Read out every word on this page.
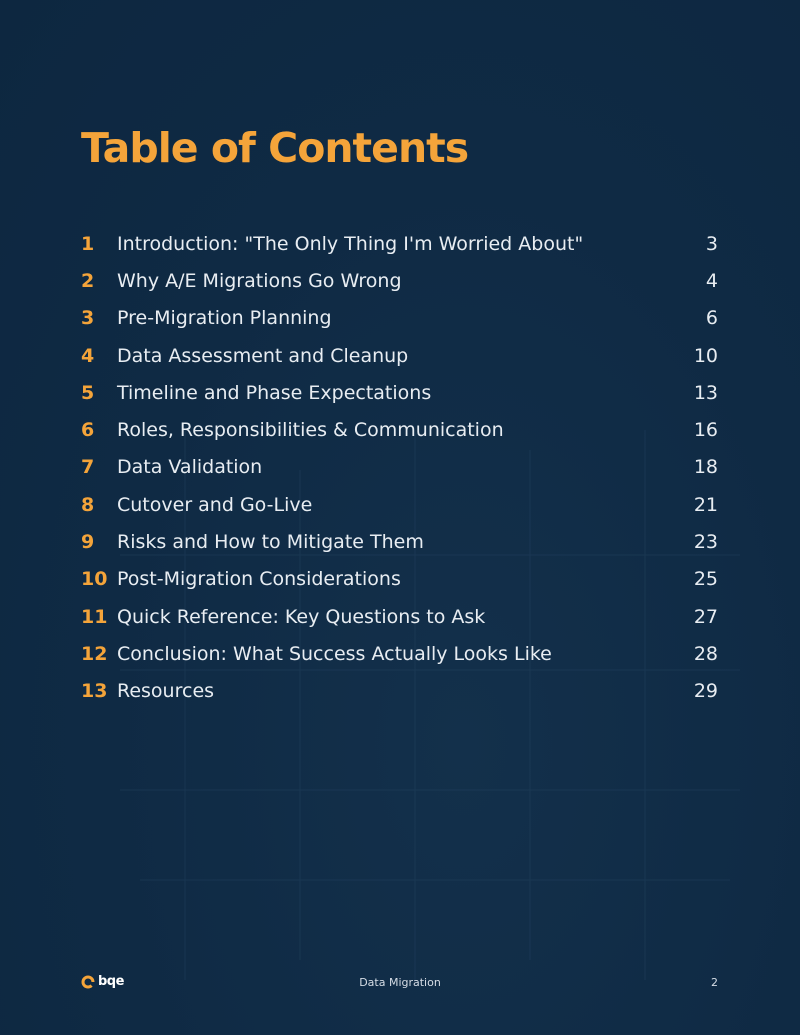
Table of Contents
1	Introduction: "The Only Thing I'm Worried About"	3
2	Why A/E Migrations Go Wrong	4
3	Pre-Migration Planning	6
4	Data Assessment and Cleanup	10
5	Timeline and Phase Expectations	13
6	Roles, Responsibilities & Communication	16
7	Data Validation	18
8	Cutover and Go-Live	21
9	Risks and How to Mitigate Them	23
10 Post-Migration Considerations	25
11 Quick Reference: Key Questions to Ask	27
12 Conclusion: What Success Actually Looks Like	28
13 Resources	29
bqe	Data Migration	2
